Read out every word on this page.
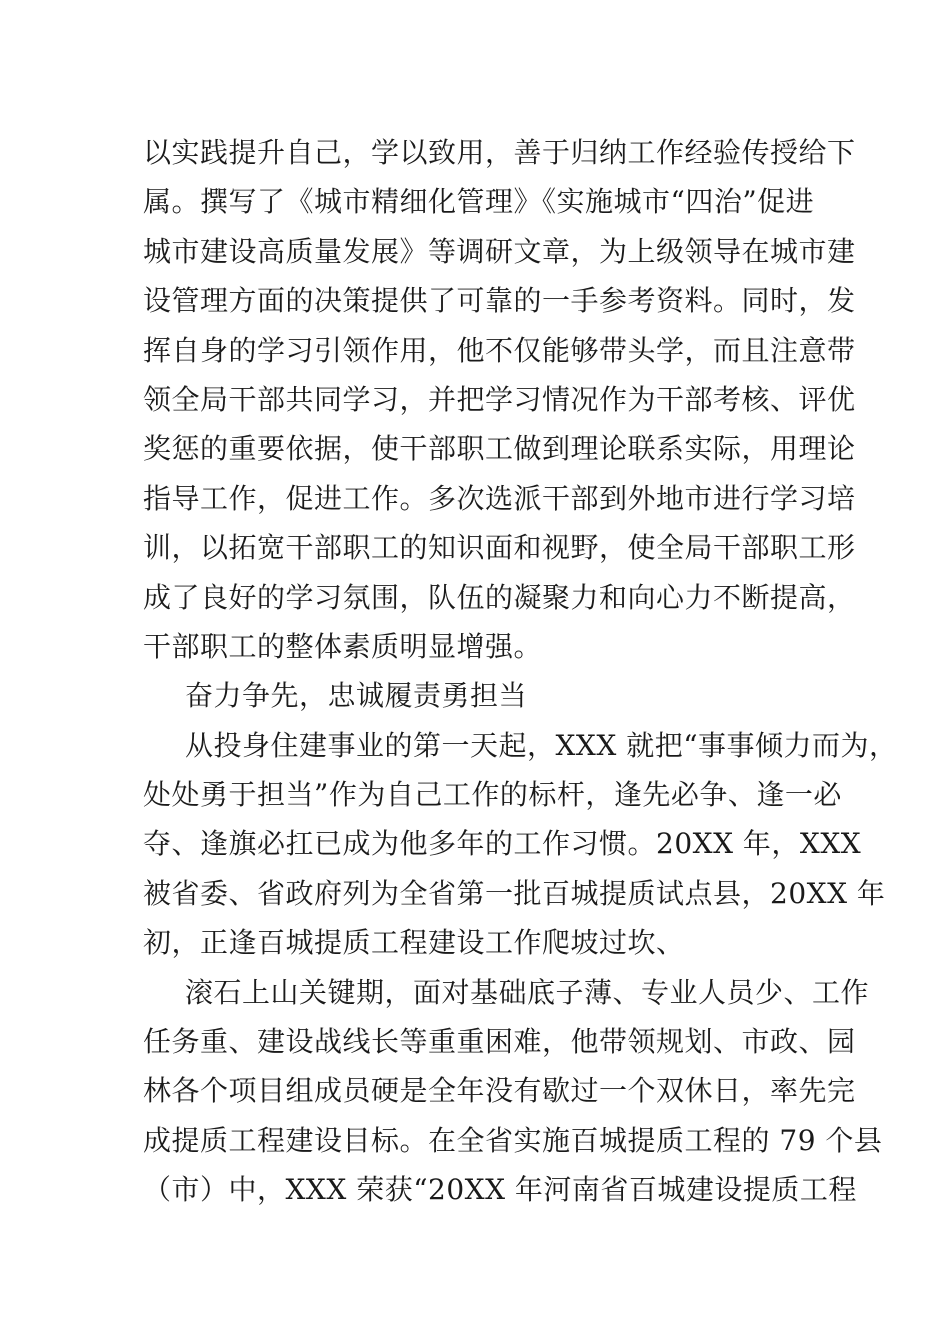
以实践提升自己，学以致用，善于归纳工作经验传授给下
属。撰写了《城市精细化管理》《实施城市“四治”促进
城市建设高质量发展》等调研文章，为上级领导在城市建
设管理方面的决策提供了可靠的一手参考资料。同时，发
挥自身的学习引领作用，他不仅能够带头学，而且注意带
领全局干部共同学习，并把学习情况作为干部考核、评优
奖惩的重要依据，使干部职工做到理论联系实际，用理论
指导工作，促进工作。多次选派干部到外地市进行学习培
训，以拓宽干部职工的知识面和视野，使全局干部职工形
成了良好的学习氛围，队伍的凝聚力和向心力不断提高，
干部职工的整体素质明显增强。
奋力争先，忠诚履责勇担当
从投身住建事业的第一天起，XXX 就把“事事倾力而为，
处处勇于担当”作为自己工作的标杆，逢先必争、逢一必
夺、逢旗必扛已成为他多年的工作习惯。20XX 年，XXX
被省委、省政府列为全省第一批百城提质试点县，20XX 年
初，正逢百城提质工程建设工作爬坡过坎、
滚石上山关键期，面对基础底子薄、专业人员少、工作
任务重、建设战线长等重重困难，他带领规划、市政、园
林各个项目组成员硬是全年没有歇过一个双休日，率先完
成提质工程建设目标。在全省实施百城提质工程的 79 个县
（市）中，XXX 荣获“20XX 年河南省百城建设提质工程
